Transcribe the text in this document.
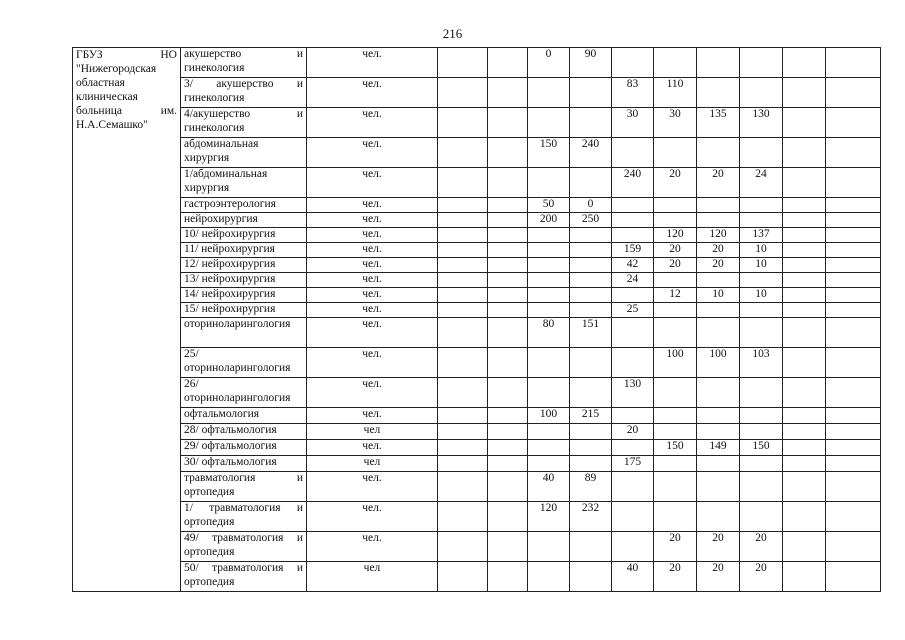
216
ГБУЗ НО "Нижегородская областная клиническая больница им. Н.А.Семашко"	акушерство и гинекология	чел.			0	90						
	3/ акушерство и гинекология	чел.					83	110				
	4/акушерство и гинекология	чел.					30	30	135	130		
	абдоминальная хирургия	чел.			150	240						
	1/абдоминальная хирургия	чел.					240	20	20	24		
	гастроэнтерология	чел.			50	0						
	нейрохирургия	чел.			200	250						
	10/ нейрохирургия	чел.						120	120	137		
	11/ нейрохирургия	чел.					159	20	20	10		
	12/ нейрохирургия	чел.					42	20	20	10		
	13/ нейрохирургия	чел.					24					
	14/ нейрохирургия	чел.						12	10	10		
	15/ нейрохирургия	чел.					25					
	оториноларингология	чел.			80	151						
	25/ оториноларингология	чел.						100	100	103		
	26/ оториноларингология	чел.					130					
	офтальмология	чел.			100	215						
	28/ офтальмология	чел					20					
	29/ офтальмология	чел.						150	149	150		
	30/ офтальмология	чел					175					
	травматология и ортопедия	чел.			40	89						
	1/ травматология и ортопедия	чел.			120	232						
	49/ травматология и ортопедия	чел.						20	20	20		
	50/ травматология и ортопедия	чел					40	20	20	20		
